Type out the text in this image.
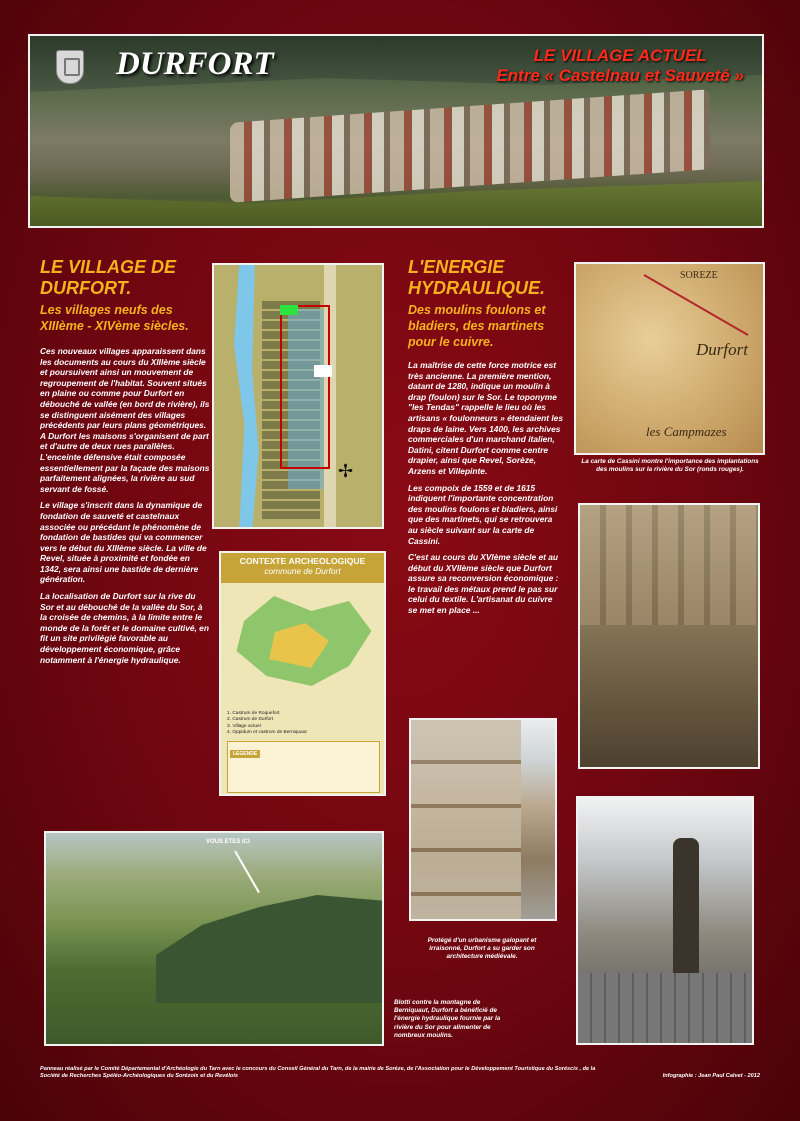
DURFORT	LE VILLAGE ACTUEL
Entre « Castelnau et Sauveté »
LE VILLAGE DE
DURFORT.
Les villages neufs des
XIIIème - XIVème siècles.

Ces nouveaux villages apparaissent dans les documents au cours du XIIIème siècle et poursuivent ainsi un mouvement de regroupement de l'habitat. Souvent situés en plaine ou comme pour Durfort en débouché de vallée (en bord de rivière), ils se distinguent aisément des villages précédents par leurs plans géométriques. A Durfort les maisons s'organisent de part et d'autre de deux rues parallèles. L'enceinte défensive était composée essentiellement par la façade des maisons parfaitement alignées, la rivière au sud servant de fossé.

Le village s'inscrit dans la dynamique de fondation de sauveté et castelnaux associée ou précédant le phénomène de fondation de bastides qui va commencer vers le début du XIIIème siècle. La ville de Revel, située à proximité et fondée en 1342, sera ainsi une bastide de dernière génération.

La localisation de Durfort sur la rive du Sor et au débouché de la vallée du Sor, à la croisée de chemins, à la limite entre le monde de la forêt et le domaine cultivé, en fit un site privilégié favorable au développement économique, grâce notamment à l'énergie hydraulique.

✢
CONTEXTE ARCHEOLOGIQUE
commune de Durfort
1. Castrum de Roquefort
2. Castrum de Durfort
3. Village actuel
4. Oppidum et castrum de Berniquaut
LEGENDE
L'ENERGIE
HYDRAULIQUE.
Des moulins foulons et bladiers, des martinets pour le cuivre.

La maîtrise de cette force motrice est très ancienne. La première mention, datant de 1280, indique un moulin à drap (foulon) sur le Sor. Le toponyme "les Tendas" rappelle le lieu où les artisans « foulonneurs » étendaient les draps de laine. Vers 1400, les archives commerciales d'un marchand italien, Datini, citent Durfort comme centre drapier, ainsi que Revel, Sorèze, Arzens et Villepinte.

Les compoix de 1559 et de 1615 indiquent l'importante concentration des moulins foulons et bladiers, ainsi que des martinets, qui se retrouvera au siècle suivant sur la carte de Cassini.

C'est au cours du XVIème siècle et au début du XVIIème siècle que Durfort assure sa reconversion économique : le travail des métaux prend le pas sur celui du textile. L'artisanat du cuivre se met en place ...

SOREZE
Durfort
les Campmazes
La carte de Cassini montre l'importance des implantations des moulins sur la rivière du Sor (ronds rouges).
Protégé d'un urbanisme galopant et irraisonné, Durfort a su garder son architecture médiévale.
VOUS ETES ICI
Blotti contre la montagne de Berniquaut, Durfort a bénéficié de l'énergie hydraulique fournie par la rivière du Sor pour alimenter de nombreux moulins.
Panneau réalisé par le Comité Départemental d'Archéologie du Tarn avec le concours du Conseil Général du Tarn, de la mairie de Sorèze, de l'Association pour le Développement Touristique du Soréscis , de la
Société de Recherches Spéléo-Archéologiques du Sorézois et du Revélois	Infographie : Jean Paul Calvet - 2012
